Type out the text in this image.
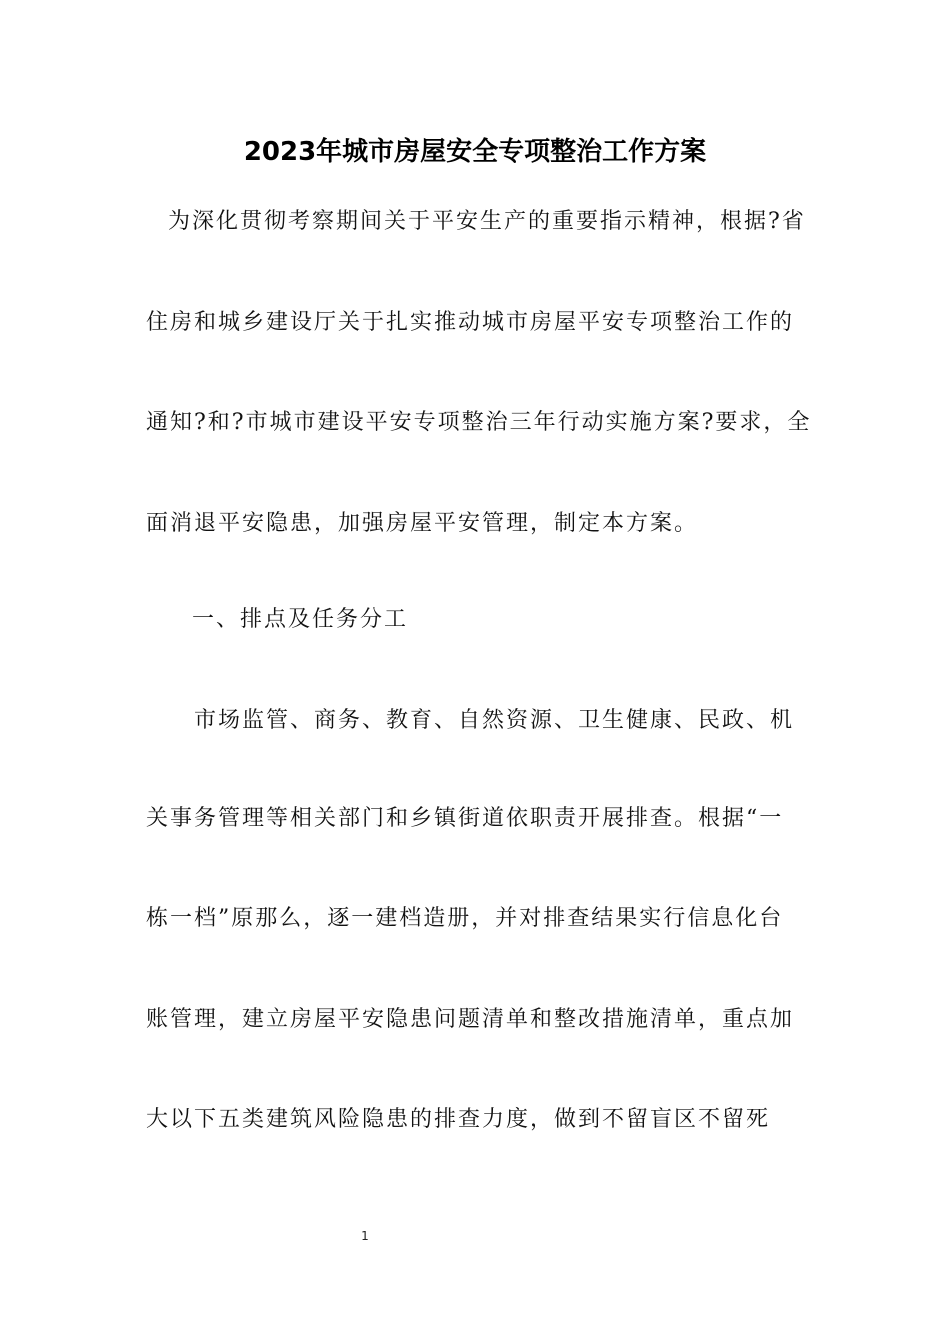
2023年城市房屋安全专项整治工作方案
为深化贯彻考察期间关于平安生产的重要指示精神，根据?省
住房和城乡建设厅关于扎实推动城市房屋平安专项整治工作的
通知?和?市城市建设平安专项整治三年行动实施方案?要求，全
面消退平安隐患，加强房屋平安管理，制定本方案。
一、排点及任务分工
市场监管、商务、教育、自然资源、卫生健康、民政、机
关事务管理等相关部门和乡镇街道依职责开展排查。根据“一
栋一档”原那么，逐一建档造册，并对排查结果实行信息化台
账管理，建立房屋平安隐患问题清单和整改措施清单，重点加
大以下五类建筑风险隐患的排查力度，做到不留盲区不留死
1
